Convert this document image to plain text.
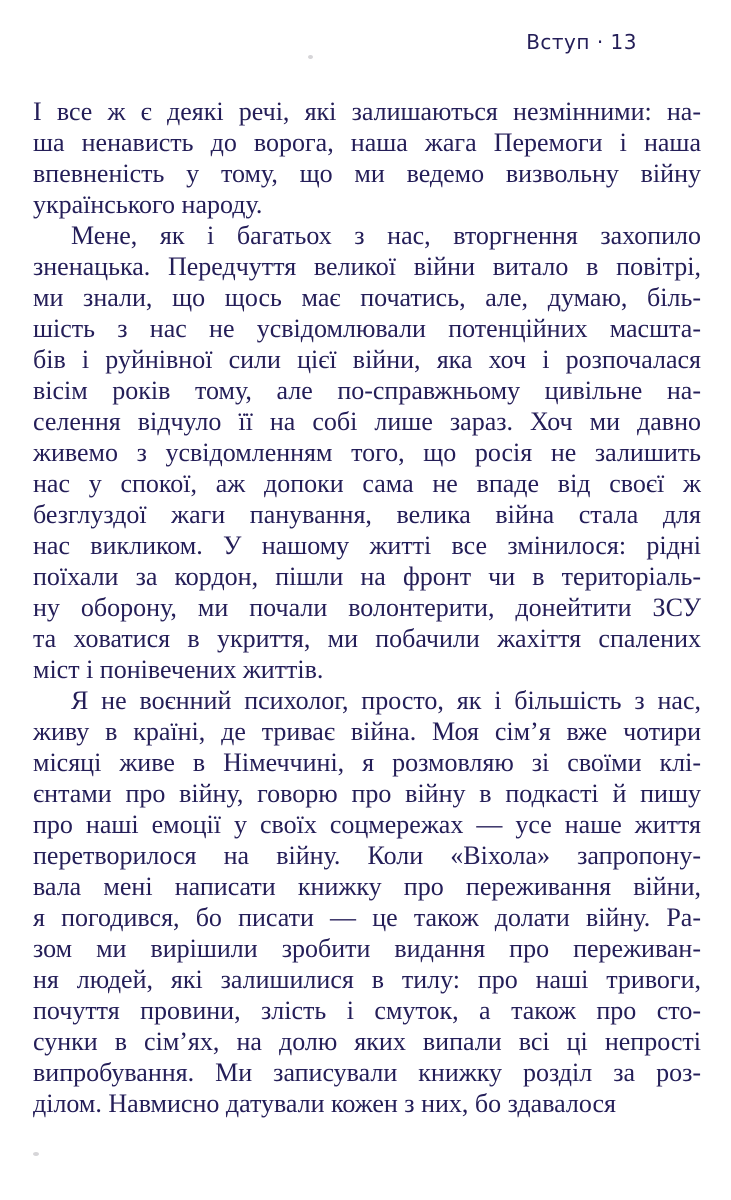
Вступ · 13
І все ж є деякі речі, які залишаються незмінними: на-
ша ненависть до ворога, наша жага Перемоги і наша
впевненість у тому, що ми ведемо визвольну війну
українського народу.
Мене, як і багатьох з нас, вторгнення захопило
зненацька. Передчуття великої війни витало в повітрі,
ми знали, що щось має початись, але, думаю, біль-
шість з нас не усвідомлювали потенційних масшта-
бів і руйнівної сили цієї війни, яка хоч і розпочалася
вісім років тому, але по-справжньому цивільне на-
селення відчуло її на собі лише зараз. Хоч ми давно
живемо з усвідомленням того, що росія не залишить
нас у спокої, аж допоки сама не впаде від своєї ж
безглуздої жаги панування, велика війна стала для
нас викликом. У нашому житті все змінилося: рідні
поїхали за кордон, пішли на фронт чи в територіаль-
ну оборону, ми почали волонтерити, донейтити ЗСУ
та ховатися в укриття, ми побачили жахіття спалених
міст і понівечених життів.
Я не воєнний психолог, просто, як і більшість з нас,
живу в країні, де триває війна. Моя сім’я вже чотири
місяці живе в Німеччині, я розмовляю зі своїми клі-
єнтами про війну, говорю про війну в подкасті й пишу
про наші емоції у своїх соцмережах — усе наше життя
перетворилося на війну. Коли «Віхола» запропону-
вала мені написати книжку про переживання війни,
я погодився, бо писати — це також долати війну. Ра-
зом ми вирішили зробити видання про переживан-
ня людей, які залишилися в тилу: про наші тривоги,
почуття провини, злість і смуток, а також про сто-
сунки в сім’ях, на долю яких випали всі ці непрості
випробування. Ми записували книжку розділ за роз-
ділом. Навмисно датували кожен з них, бо здавалося
